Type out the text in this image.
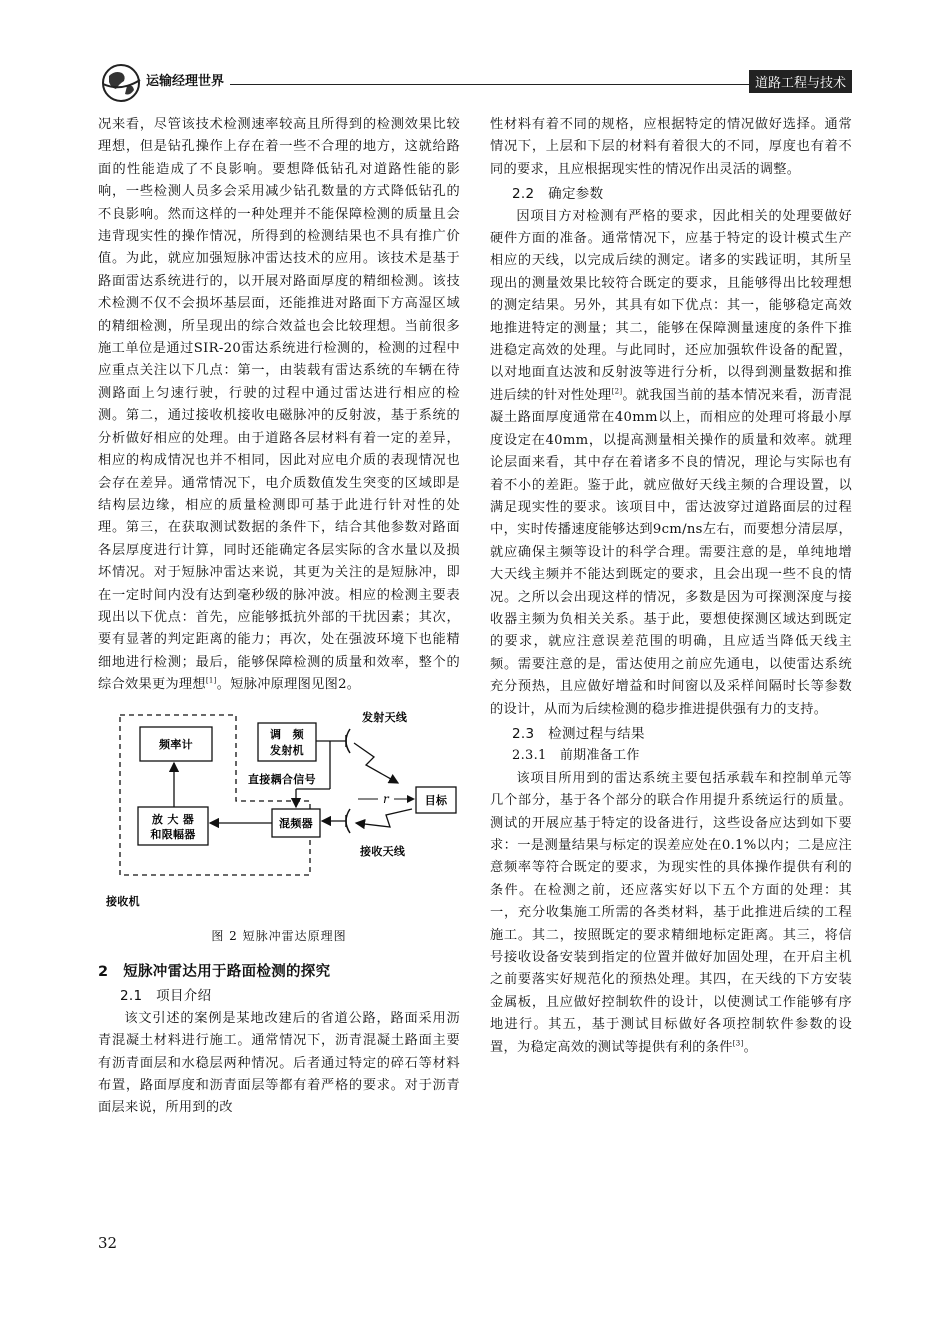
运输经理世界	道路工程与技术

况来看，尽管该技术检测速率较高且所得到的检测效果比较理想，但是钻孔操作上存在着一些不合理的地方，这就给路面的性能造成了不良影响。要想降低钻孔对道路性能的影响，一些检测人员多会采用减少钻孔数量的方式降低钻孔的不良影响。然而这样的一种处理并不能保障检测的质量且会违背现实性的操作情况，所得到的检测结果也不具有推广价值。为此，就应加强短脉冲雷达技术的应用。该技术是基于路面雷达系统进行的，以开展对路面厚度的精细检测。该技术检测不仅不会损坏基层面，还能推进对路面下方高湿区域的精细检测，所呈现出的综合效益也会比较理想。当前很多施工单位是通过SIR-20雷达系统进行检测的，检测的过程中应重点关注以下几点：第一，由装载有雷达系统的车辆在待测路面上匀速行驶，行驶的过程中通过雷达进行相应的检测。第二，通过接收机接收电磁脉冲的反射波，基于系统的分析做好相应的处理。由于道路各层材料有着一定的差异，相应的构成情况也并不相同，因此对应电介质的表现情况也会存在差异。通常情况下，电介质数值发生突变的区域即是结构层边缘，相应的质量检测即可基于此进行针对性的处理。第三，在获取测试数据的条件下，结合其他参数对路面各层厚度进行计算，同时还能确定各层实际的含水量以及损坏情况。对于短脉冲雷达来说，其更为关注的是短脉冲，即在一定时间内没有达到毫秒级的脉冲波。相应的检测主要表现出以下优点：首先，应能够抵抗外部的干扰因素；其次，要有显著的判定距离的能力；再次，处在强波环境下也能精细地进行检测；最后，能够保障检测的质量和效率，整个的综合效果更为理想[1]。短脉冲原理图见图2。

频率计
调　频
发射机
发射天线
直接耦合信号
目标
r
放 大 器
和限幅器
混频器
接收天线
接收机
图 2 短脉冲雷达原理图
2　短脉冲雷达用于路面检测的探究
2.1　项目介绍

该文引述的案例是某地改建后的省道公路，路面采用沥青混凝土材料进行施工。通常情况下，沥青混凝土路面主要有沥青面层和水稳层两种情况。后者通过特定的碎石等材料布置，路面厚度和沥青面层等都有着严格的要求。对于沥青面层来说，所用到的改

性材料有着不同的规格，应根据特定的情况做好选择。通常情况下，上层和下层的材料有着很大的不同，厚度也有着不同的要求，且应根据现实性的情况作出灵活的调整。

2.2　确定参数

因项目方对检测有严格的要求，因此相关的处理要做好硬件方面的准备。通常情况下，应基于特定的设计模式生产相应的天线，以完成后续的测定。诸多的实践证明，其所呈现出的测量效果比较符合既定的要求，且能够得出比较理想的测定结果。另外，其具有如下优点：其一，能够稳定高效地推进特定的测量；其二，能够在保障测量速度的条件下推进稳定高效的处理。与此同时，还应加强软件设备的配置，以对地面直达波和反射波等进行分析，以得到测量数据和推进后续的针对性处理[2]。就我国当前的基本情况来看，沥青混凝土路面厚度通常在40mm以上，而相应的处理可将最小厚度设定在40mm，以提高测量相关操作的质量和效率。就理论层面来看，其中存在着诸多不良的情况，理论与实际也有着不小的差距。鉴于此，就应做好天线主频的合理设置，以满足现实性的要求。该项目中，雷达波穿过道路面层的过程中，实时传播速度能够达到9cm/ns左右，而要想分清层厚，就应确保主频等设计的科学合理。需要注意的是，单纯地增大天线主频并不能达到既定的要求，且会出现一些不良的情况。之所以会出现这样的情况，多数是因为可探测深度与接收器主频为负相关关系。基于此，要想使探测区域达到既定的要求，就应注意误差范围的明确，且应适当降低天线主频。需要注意的是，雷达使用之前应先通电，以使雷达系统充分预热，且应做好增益和时间窗以及采样间隔时长等参数的设计，从而为后续检测的稳步推进提供强有力的支持。

2.3　检测过程与结果
2.3.1　前期准备工作

该项目所用到的雷达系统主要包括承载车和控制单元等几个部分，基于各个部分的联合作用提升系统运行的质量。测试的开展应基于特定的设备进行，这些设备应达到如下要求：一是测量结果与标定的误差应处在0.1%以内；二是应注意频率等符合既定的要求，为现实性的具体操作提供有利的条件。在检测之前，还应落实好以下五个方面的处理：其一，充分收集施工所需的各类材料，基于此推进后续的工程施工。其二，按照既定的要求精细地标定距离。其三，将信号接收设备安装到指定的位置并做好加固处理，在开启主机之前要落实好规范化的预热处理。其四，在天线的下方安装金属板，且应做好控制软件的设计，以使测试工作能够有序地进行。其五，基于测试目标做好各项控制软件参数的设置，为稳定高效的测试等提供有利的条件[3]。

32
